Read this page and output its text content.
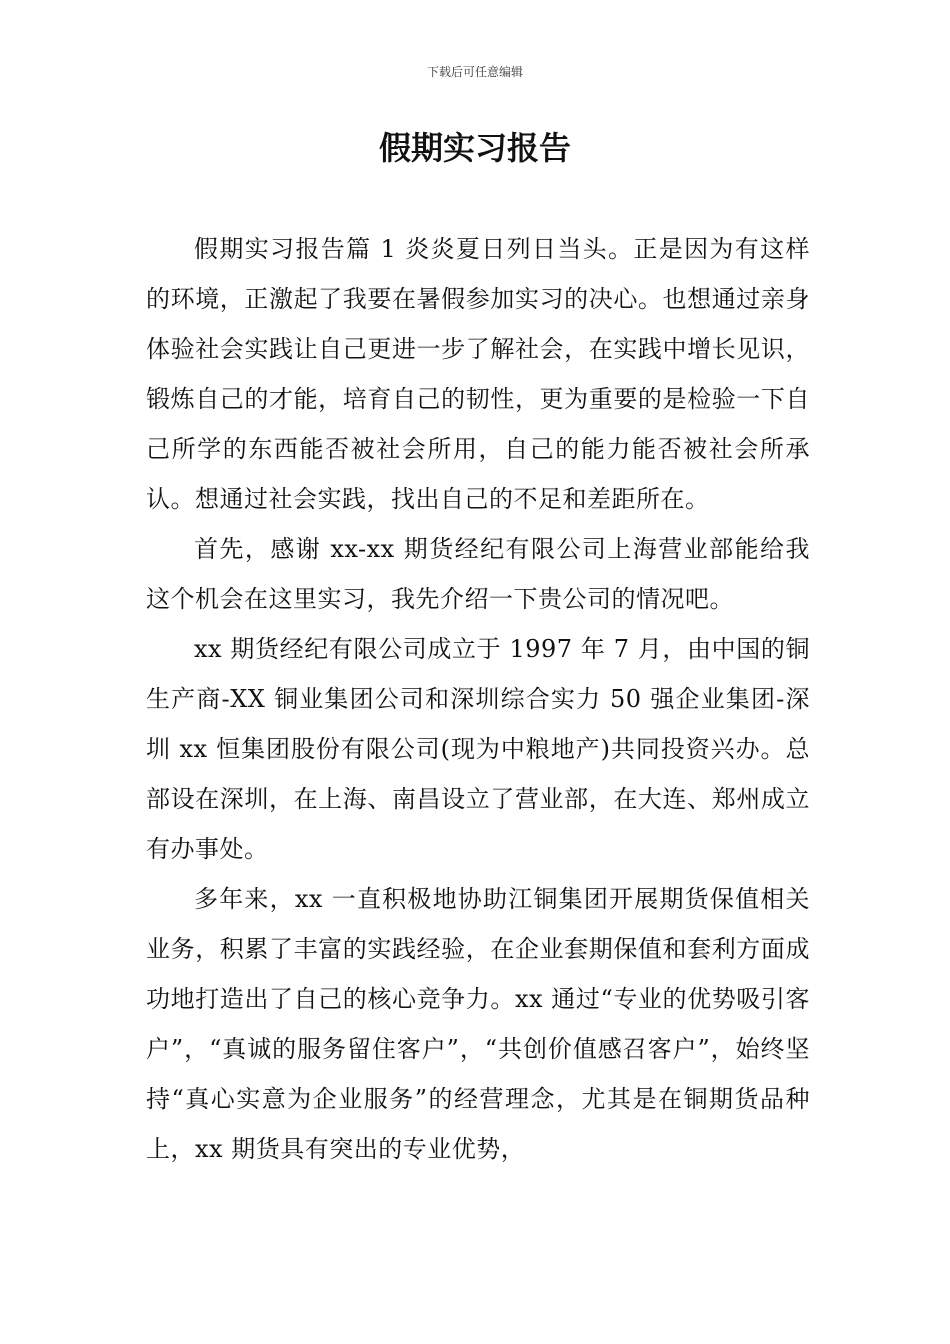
下载后可任意编辑
假期实习报告

假期实习报告篇 1 炎炎夏日列日当头。正是因为有这样的环境，正激起了我要在暑假参加实习的决心。也想通过亲身体验社会实践让自己更进一步了解社会，在实践中增长见识，锻炼自己的才能，培育自己的韧性，更为重要的是检验一下自己所学的东西能否被社会所用，自己的能力能否被社会所承认。想通过社会实践，找出自己的不足和差距所在。

首先，感谢 xx-xx 期货经纪有限公司上海营业部能给我这个机会在这里实习，我先介绍一下贵公司的情况吧。

xx 期货经纪有限公司成立于 1997 年 7 月，由中国的铜生产商-XX 铜业集团公司和深圳综合实力 50 强企业集团-深圳 xx 恒集团股份有限公司(现为中粮地产)共同投资兴办。总部设在深圳，在上海、南昌设立了营业部，在大连、郑州成立有办事处。

多年来，xx 一直积极地协助江铜集团开展期货保值相关业务，积累了丰富的实践经验，在企业套期保值和套利方面成功地打造出了自己的核心竞争力。xx 通过“专业的优势吸引客户”，“真诚的服务留住客户”，“共创价值感召客户”，始终坚持“真心实意为企业服务”的经营理念，尤其是在铜期货品种上，xx 期货具有突出的专业优势，
